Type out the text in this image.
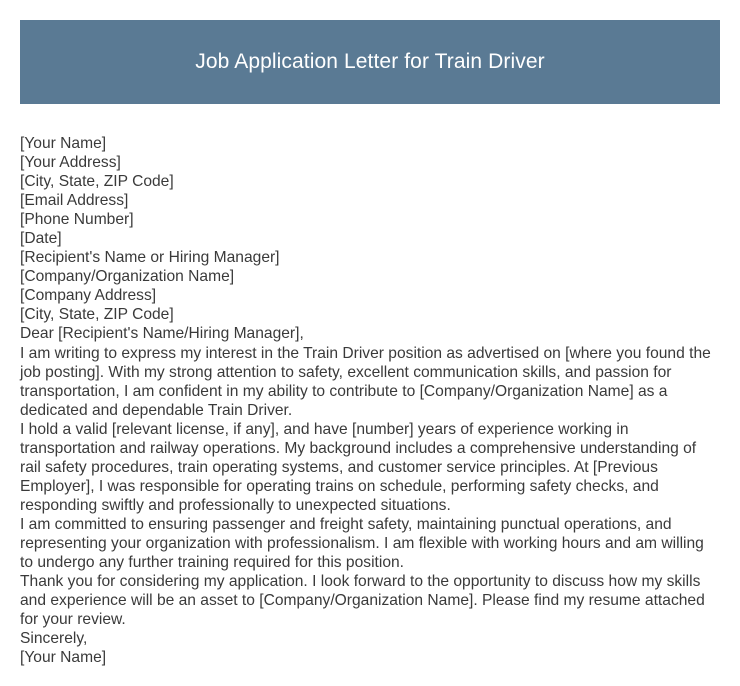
Job Application Letter for Train Driver

[Your Name]

[Your Address]

[City, State, ZIP Code]

[Email Address]

[Phone Number]

[Date]

[Recipient's Name or Hiring Manager]

[Company/Organization Name]

[Company Address]

[City, State, ZIP Code]

Dear [Recipient's Name/Hiring Manager],

I am writing to express my interest in the Train Driver position as advertised on [where you found the job posting]. With my strong attention to safety, excellent communication skills, and passion for transportation, I am confident in my ability to contribute to [Company/Organization Name] as a dedicated and dependable Train Driver.

I hold a valid [relevant license, if any], and have [number] years of experience working in transportation and railway operations. My background includes a comprehensive understanding of rail safety procedures, train operating systems, and customer service principles. At [Previous Employer], I was responsible for operating trains on schedule, performing safety checks, and responding swiftly and professionally to unexpected situations.

I am committed to ensuring passenger and freight safety, maintaining punctual operations, and representing your organization with professionalism. I am flexible with working hours and am willing to undergo any further training required for this position.

Thank you for considering my application. I look forward to the opportunity to discuss how my skills and experience will be an asset to [Company/Organization Name]. Please find my resume attached for your review.

Sincerely,

[Your Name]
